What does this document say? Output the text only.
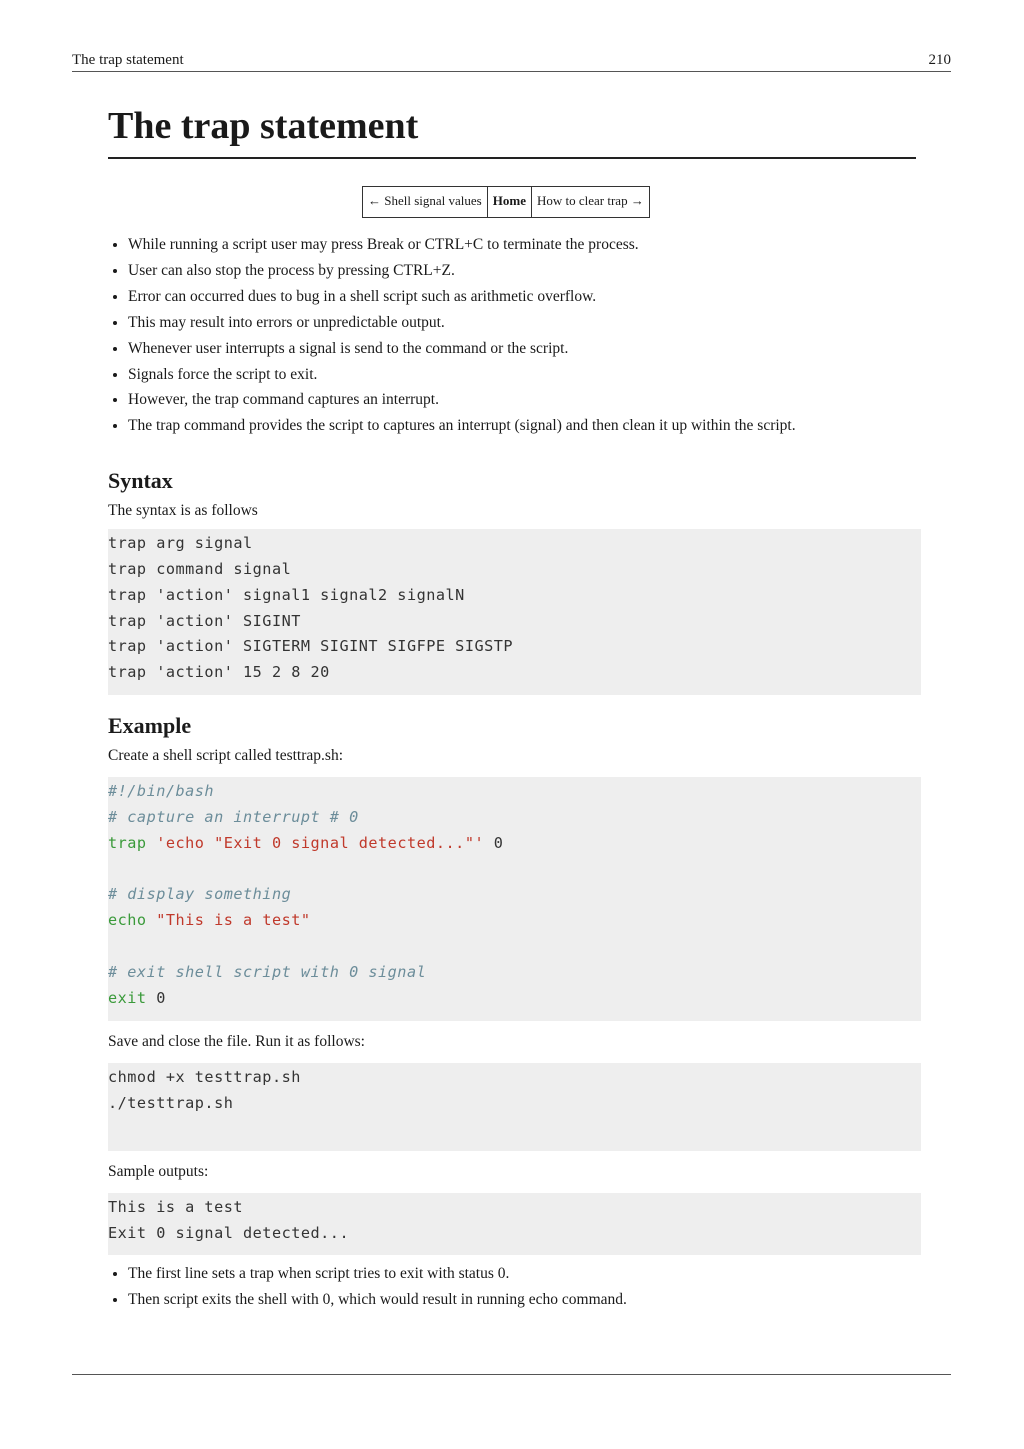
The trap statement	210
The trap statement
← Shell signal values	Home	How to clear trap →
• While running a script user may press Break or CTRL+C to terminate the process.
• User can also stop the process by pressing CTRL+Z.
• Error can occurred dues to bug in a shell script such as arithmetic overflow.
• This may result into errors or unpredictable output.
• Whenever user interrupts a signal is send to the command or the script.
• Signals force the script to exit.
• However, the trap command captures an interrupt.
• The trap command provides the script to captures an interrupt (signal) and then clean it up within the script.
Syntax

The syntax is as follows

trap arg signal
trap command signal
trap 'action' signal1 signal2 signalN
trap 'action' SIGINT
trap 'action' SIGTERM SIGINT SIGFPE SIGSTP
trap 'action' 15 2 8 20
Example

Create a shell script called testtrap.sh:

#!/bin/bash
# capture an interrupt # 0
trap 'echo "Exit 0 signal detected..."' 0
# display something
echo "This is a test"
# exit shell script with 0 signal
exit 0

Save and close the file. Run it as follows:

chmod +x testtrap.sh
./testtrap.sh

Sample outputs:

This is a test
Exit 0 signal detected...
• The first line sets a trap when script tries to exit with status 0.
• Then script exits the shell with 0, which would result in running echo command.
